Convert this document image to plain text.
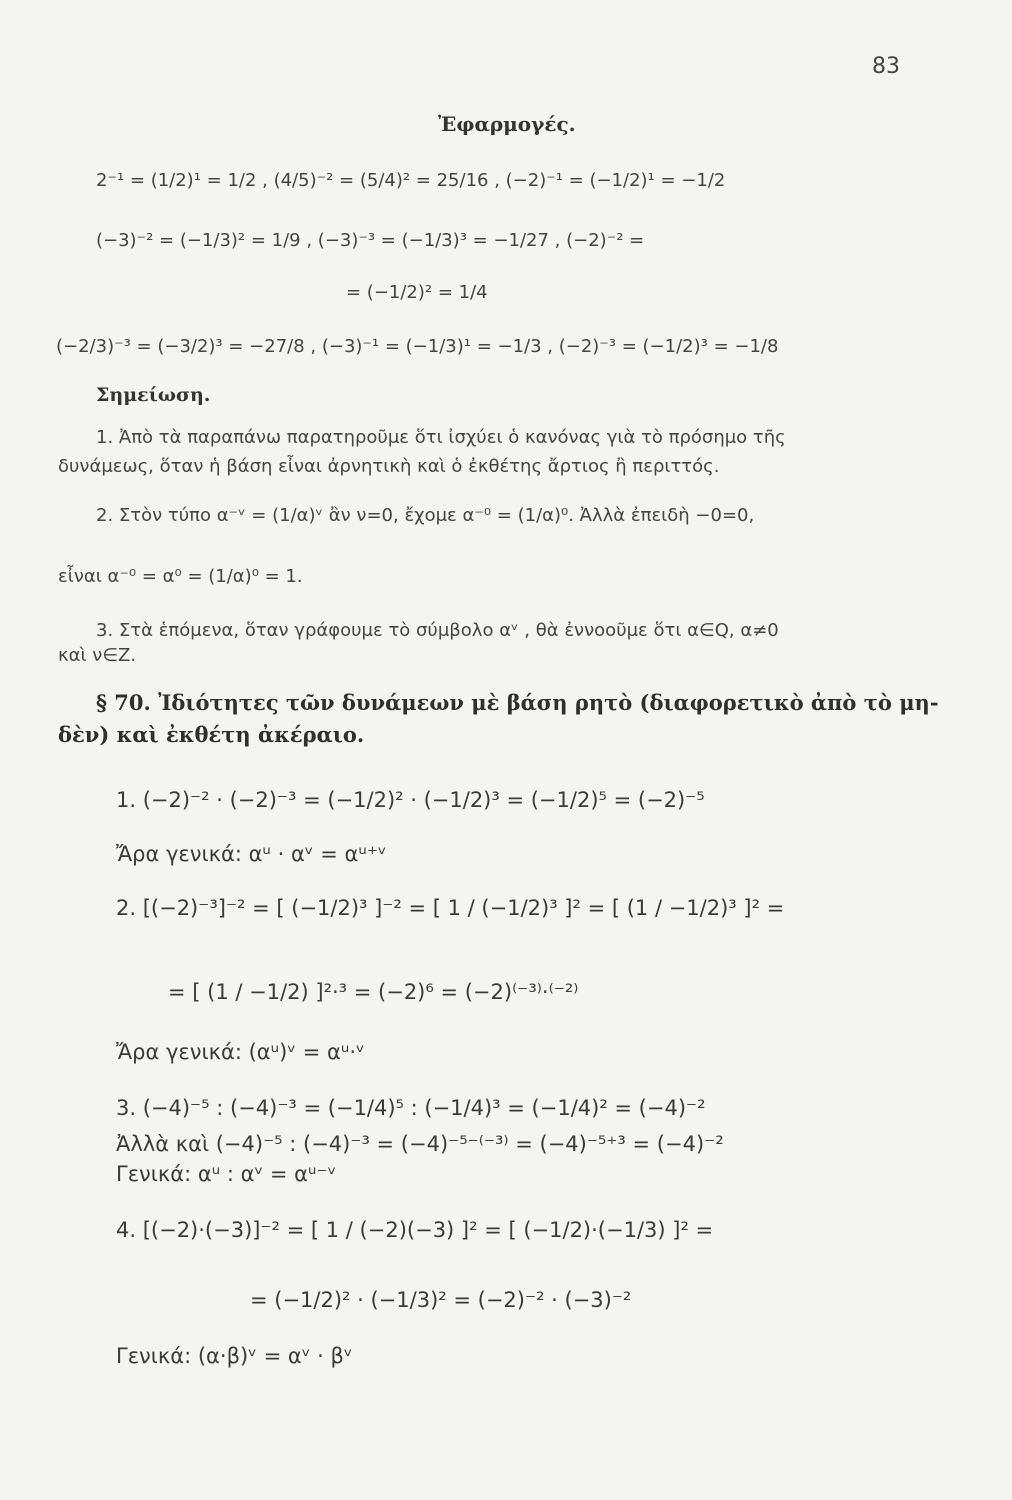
83
Ἐφαρμογές.
2⁻¹ = (1/2)¹ = 1/2 , (4/5)⁻² = (5/4)² = 25/16 , (−2)⁻¹ = (−1/2)¹ = −1/2
(−3)⁻² = (−1/3)² = 1/9 , (−3)⁻³ = (−1/3)³ = −1/27 , (−2)⁻² =
= (−1/2)² = 1/4
(−2/3)⁻³ = (−3/2)³ = −27/8 , (−3)⁻¹ = (−1/3)¹ = −1/3 , (−2)⁻³ = (−1/2)³ = −1/8
Σημείωση.
1. Ἀπὸ τὰ παραπάνω παρατηροῦμε ὅτι ἰσχύει ὁ κανόνας γιὰ τὸ πρόσημο τῆς
δυνάμεως, ὅταν ἡ βάση εἶναι ἀρνητικὴ καὶ ὁ ἐκθέτης ἄρτιος ἢ περιττός.
2. Στὸν τύπο α⁻ᵛ = (1/α)ᵛ ἂν ν=0, ἔχομε α⁻⁰ = (1/α)⁰. Ἀλλὰ ἐπειδὴ −0=0,
εἶναι α⁻⁰ = α⁰ = (1/α)⁰ = 1.
3. Στὰ ἑπόμενα, ὅταν γράφουμε τὸ σύμβολο αᵛ , θὰ ἐννοοῦμε ὅτι α∈Q, α≠0
καὶ ν∈Z.
§ 70. Ἰδιότητες τῶν δυνάμεων μὲ βάση ρητὸ (διαφορετικὸ ἀπὸ τὸ μη-
δὲν) καὶ ἐκθέτη ἀκέραιο.
1. (−2)⁻² · (−2)⁻³ = (−1/2)² · (−1/2)³ = (−1/2)⁵ = (−2)⁻⁵
Ἄρα γενικά: αᵘ · αᵛ = αᵘ⁺ᵛ
2. [(−2)⁻³]⁻² = [ (−1/2)³ ]⁻² = [ 1 / (−1/2)³ ]² = [ (1 / −1/2)³ ]² =
= [ (1 / −1/2) ]²·³ = (−2)⁶ = (−2)⁽⁻³⁾·⁽⁻²⁾
Ἄρα γενικά: (αᵘ)ᵛ = αᵘ·ᵛ
3. (−4)⁻⁵ : (−4)⁻³ = (−1/4)⁵ : (−1/4)³ = (−1/4)² = (−4)⁻²
Ἀλλὰ καὶ (−4)⁻⁵ : (−4)⁻³ = (−4)⁻⁵⁻⁽⁻³⁾ = (−4)⁻⁵⁺³ = (−4)⁻²
Γενικά: αᵘ : αᵛ = αᵘ⁻ᵛ
4. [(−2)·(−3)]⁻² = [ 1 / (−2)(−3) ]² = [ (−1/2)·(−1/3) ]² =
= (−1/2)² · (−1/3)² = (−2)⁻² · (−3)⁻²
Γενικά: (α·β)ᵛ = αᵛ · βᵛ
